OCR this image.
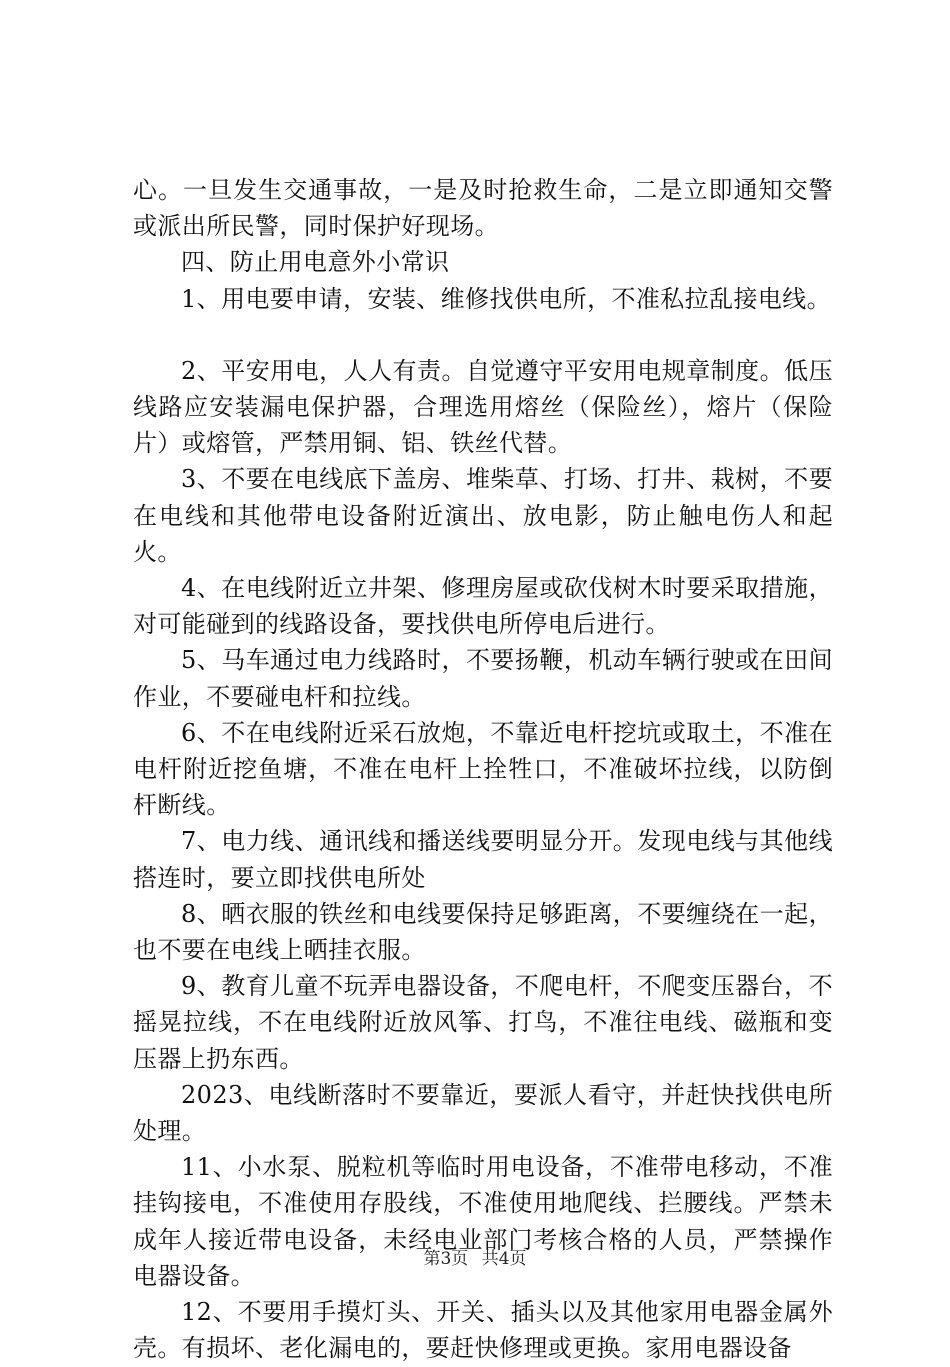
心。一旦发生交通事故，一是及时抢救生命，二是立即通知交警或派出所民警，同时保护好现场。

四、防止用电意外小常识

1、用电要申请，安装、维修找供电所，不准私拉乱接电线。

2、平安用电，人人有责。自觉遵守平安用电规章制度。低压线路应安装漏电保护器，合理选用熔丝（保险丝），熔片（保险片）或熔管，严禁用铜、铝、铁丝代替。

3、不要在电线底下盖房、堆柴草、打场、打井、栽树，不要在电线和其他带电设备附近演出、放电影，防止触电伤人和起火。

4、在电线附近立井架、修理房屋或砍伐树木时要采取措施，对可能碰到的线路设备，要找供电所停电后进行。

5、马车通过电力线路时，不要扬鞭，机动车辆行驶或在田间作业，不要碰电杆和拉线。

6、不在电线附近采石放炮，不靠近电杆挖坑或取土，不准在电杆附近挖鱼塘，不准在电杆上拴牲口，不准破坏拉线，以防倒杆断线。

7、电力线、通讯线和播送线要明显分开。发现电线与其他线搭连时，要立即找供电所处

8、晒衣服的铁丝和电线要保持足够距离，不要缠绕在一起，也不要在电线上晒挂衣服。

9、教育儿童不玩弄电器设备，不爬电杆，不爬变压器台，不摇晃拉线，不在电线附近放风筝、打鸟，不准往电线、磁瓶和变压器上扔东西。

2023、电线断落时不要靠近，要派人看守，并赶快找供电所处理。

11、小水泵、脱粒机等临时用电设备，不准带电移动，不准挂钩接电，不准使用存股线，不准使用地爬线、拦腰线。严禁未成年人接近带电设备，未经电业部门考核合格的人员，严禁操作电器设备。

12、不要用手摸灯头、开关、插头以及其他家用电器金属外壳。有损坏、老化漏电的，要赶快修理或更换。家用电器设备

第3页 共4页
